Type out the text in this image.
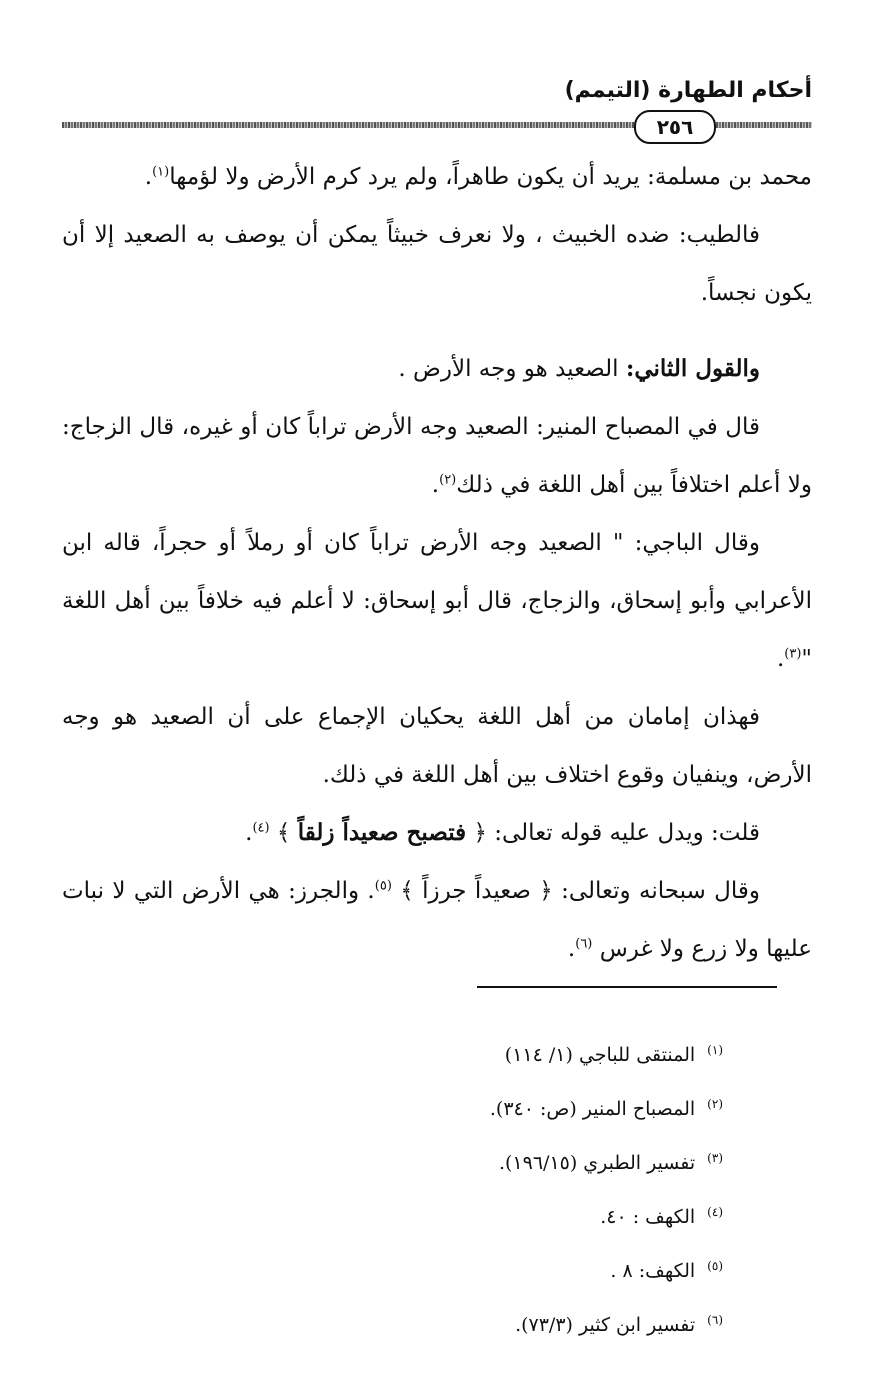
أحكام الطهارة (التيمم)
٢٥٦

محمد بن مسلمة: يريد أن يكون طاهراً، ولم يرد كرم الأرض ولا لؤمها$^{(١)}$.

فالطيب: ضده الخبيث ، ولا نعرف خبيثاً يمكن أن يوصف به الصعيد إلا أن يكون نجساً.

والقول الثاني: الصعيد هو وجه الأرض .

قال في المصباح المنير: الصعيد وجه الأرض تراباً كان أو غيره، قال الزجاج: ولا أعلم اختلافاً بين أهل اللغة في ذلك$^{(٢)}$.

وقال الباجي: " الصعيد وجه الأرض تراباً كان أو رملاً أو حجراً، قاله ابن الأعرابي وأبو إسحاق، والزجاج، قال أبو إسحاق: لا أعلم فيه خلافاً بين أهل اللغة "$^{(٣)}$.

فهذان إمامان من أهل اللغة يحكيان الإجماع على أن الصعيد هو وجه الأرض، وينفيان وقوع اختلاف بين أهل اللغة في ذلك.

قلت: ويدل عليه قوله تعالى: ﴿ فتصبح صعيداً زلقاً ﴾ $^{(٤)}$.

وقال سبحانه وتعالى: ﴿ صعيداً جرزاً ﴾ $^{(٥)}$. والجرز: هي الأرض التي لا نبات عليها ولا زرع ولا غرس $^{(٦)}$.

$^{(١)}$المنتقى للباجي (١/ ١١٤)
$^{(٢)}$المصباح المنير (ص: ٣٤٠).
$^{(٣)}$تفسير الطبري (١٩٦/١٥).
$^{(٤)}$الكهف : ٤٠.
$^{(٥)}$الكهف: ٨ .
$^{(٦)}$تفسير ابن كثير (٧٣/٣).
